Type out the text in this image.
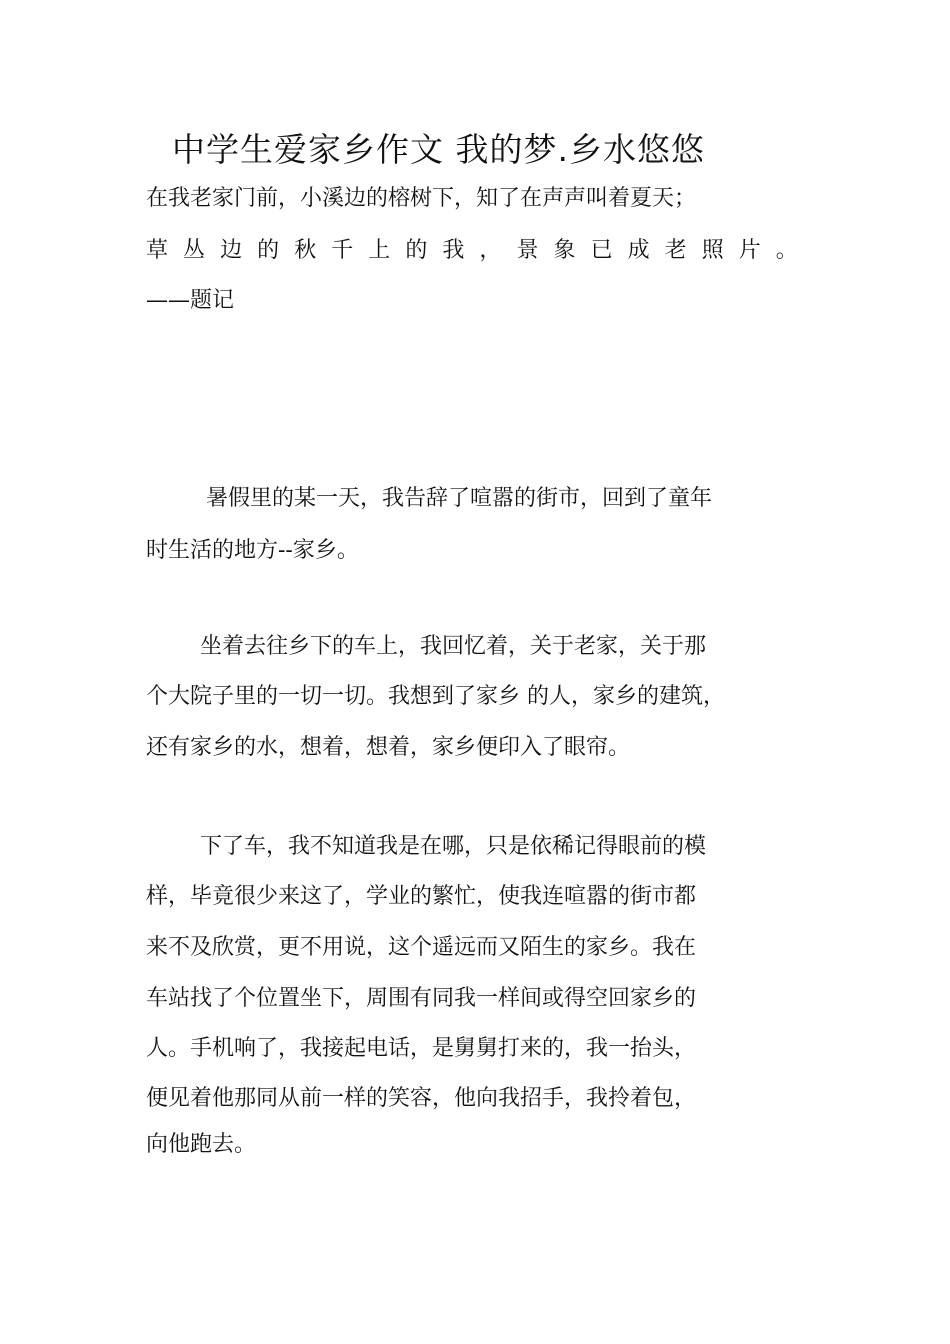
中学生爱家乡作文 我的梦.乡水悠悠
在我老家门前，小溪边的榕树下，知了在声声叫着夏天；
草 丛 边 的 秋 千 上 的 我 ， 景 象 已 成 老 照 片 。
——题记
暑假里的某一天，我告辞了喧嚣的街市，回到了童年
时生活的地方--家乡。
坐着去往乡下的车上，我回忆着，关于老家，关于那
个大院子里的一切一切。我想到了家乡 的人，家乡的建筑，
还有家乡的水，想着，想着，家乡便印入了眼帘。
下了车，我不知道我是在哪，只是依稀记得眼前的模
样，毕竟很少来这了，学业的繁忙，使我连喧嚣的街市都
来不及欣赏，更不用说，这个遥远而又陌生的家乡。我在
车站找了个位置坐下，周围有同我一样间或得空回家乡的
人。手机响了，我接起电话，是舅舅打来的，我一抬头，
便见着他那同从前一样的笑容，他向我招手，我拎着包，
向他跑去。
